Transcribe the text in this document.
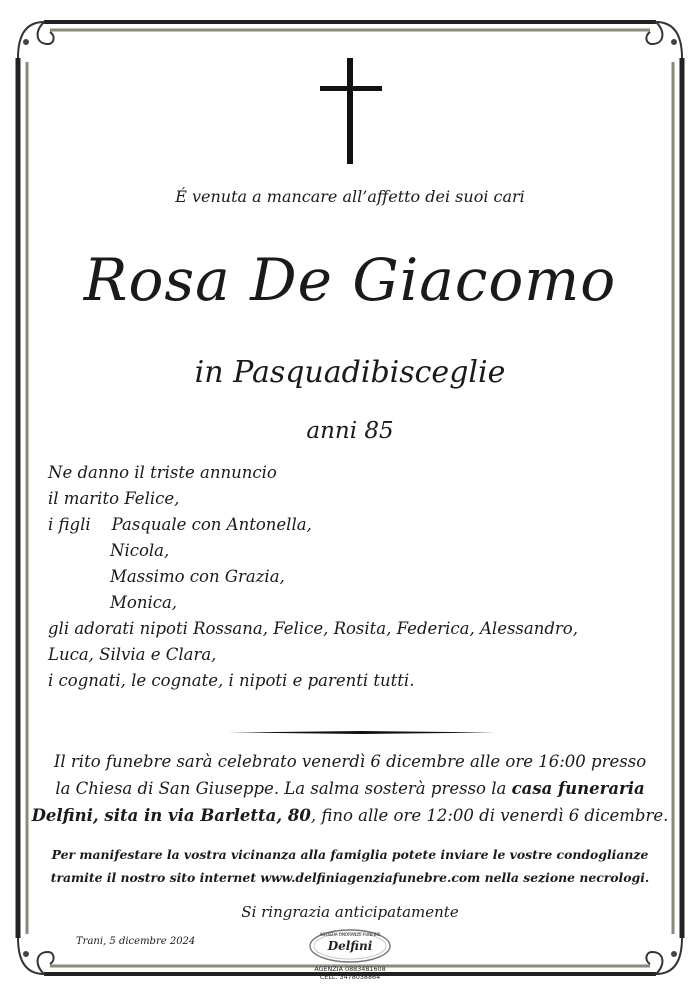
É venuta a mancare all’affetto dei suoi cari
Rosa De Giacomo
in Pasquadibisceglie
anni 85
Ne danno il triste annuncio
il marito Felice,
i figli Pasquale con Antonella,
Nicola,
Massimo con Grazia,
Monica,
gli adorati nipoti Rossana, Felice, Rosita, Federica, Alessandro,
Luca, Silvia e Clara,
i cognati, le cognate, i nipoti e parenti tutti.
Il rito funebre sarà celebrato venerdì 6 dicembre alle ore 16:00 presso
la Chiesa di San Giuseppe. La salma sosterà presso la casa funeraria
Delfini, sita in via Barletta, 80, fino alle ore 12:00 di venerdì 6 dicembre.
Per manifestare la vostra vicinanza alla famiglia potete inviare le vostre condoglianze
tramite il nostro sito internet www.delfiniagenziafunebre.com nella sezione necrologi.
Si ringrazia anticipatamente
Trani, 5 dicembre 2024
AGENZIA ONORANZE FUNEBRI
Delfini
AGENZIA 0883481608
CELL. 3478038864
